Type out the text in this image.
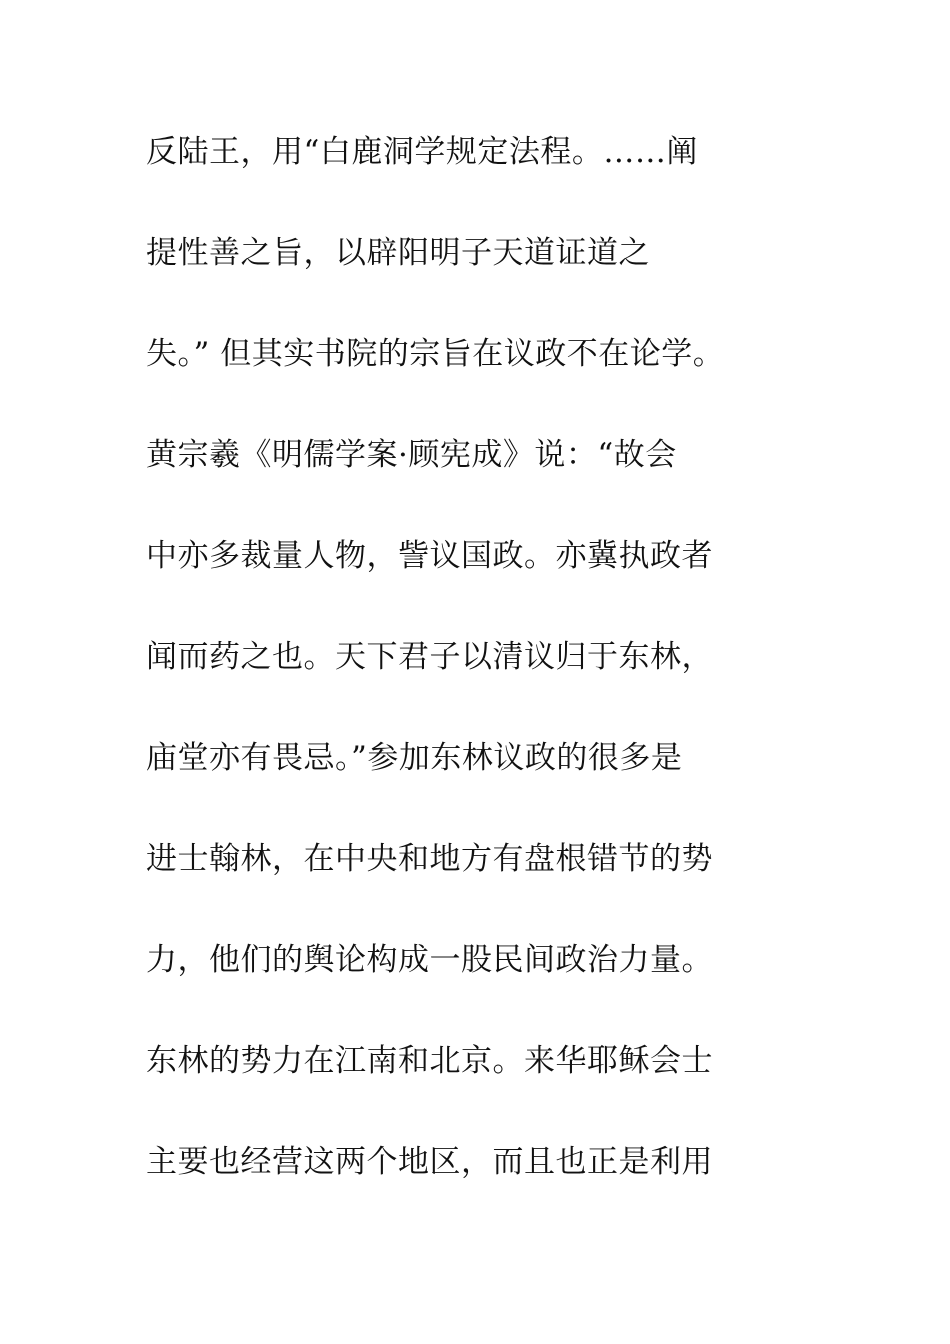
反陆王，用“白鹿洞学规定法程。……阐
提性善之旨，以辟阳明子天道证道之
失。” 但其实书院的宗旨在议政不在论学。
黄宗羲《明儒学案·顾宪成》说：“故会
中亦多裁量人物，訾议国政。亦冀执政者
闻而药之也。天下君子以清议归于东林，
庙堂亦有畏忌。”参加东林议政的很多是
进士翰林，在中央和地方有盘根错节的势
力，他们的舆论构成一股民间政治力量。
东林的势力在江南和北京。来华耶稣会士
主要也经营这两个地区，而且也正是利用
